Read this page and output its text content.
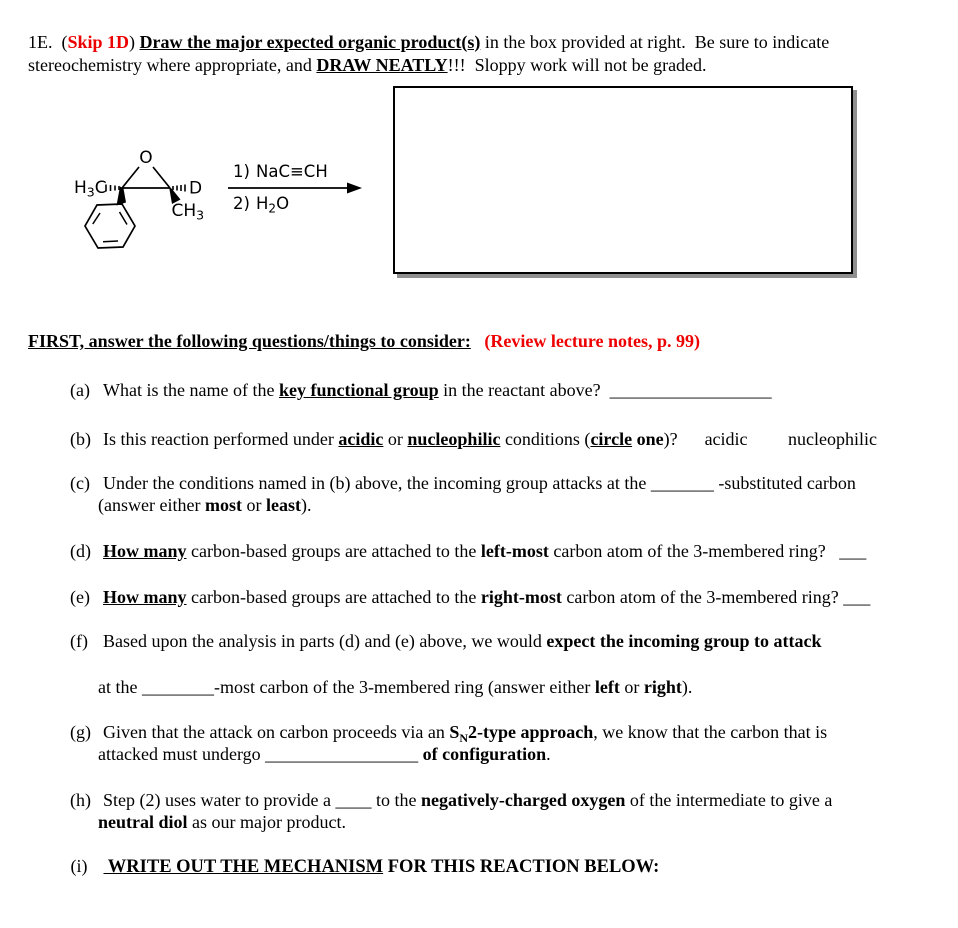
1E.  (Skip 1D) Draw the major expected organic product(s) in the box provided at right.  Be sure to indicate

stereochemistry where appropriate, and DRAW NEATLY!!!  Sloppy work will not be graded.

O
$H_3C$	D
$CH_3$
1) NaC≡CH
2) $H_2O$

FIRST, answer the following questions/things to consider: (Review lecture notes, p. 99)

(a) What is the name of the key functional group in the reactant above?  __________________

(b) Is this reaction performed under acidic or nucleophilic conditions (circle one)? acidic nucleophilic

(c) Under the conditions named in (b) above, the incoming group attacks at the _______ -substituted carbon

(answer either most or least).

(d) How many carbon-based groups are attached to the left-most carbon atom of the 3-membered ring?   ___

(e) How many carbon-based groups are attached to the right-most carbon atom of the 3-membered ring? ___

(f) Based upon the analysis in parts (d) and (e) above, we would expect the incoming group to attack

at the ________-most carbon of the 3-membered ring (answer either left or right).

(g) Given that the attack on carbon proceeds via an $S_N2$-type approach, we know that the carbon that is

attacked must undergo _________________ of configuration.

(h) Step (2) uses water to provide a ____ to the negatively-charged oxygen of the intermediate to give a

neutral diol as our major product.

(i) WRITE OUT THE MECHANISM FOR THIS REACTION BELOW:
